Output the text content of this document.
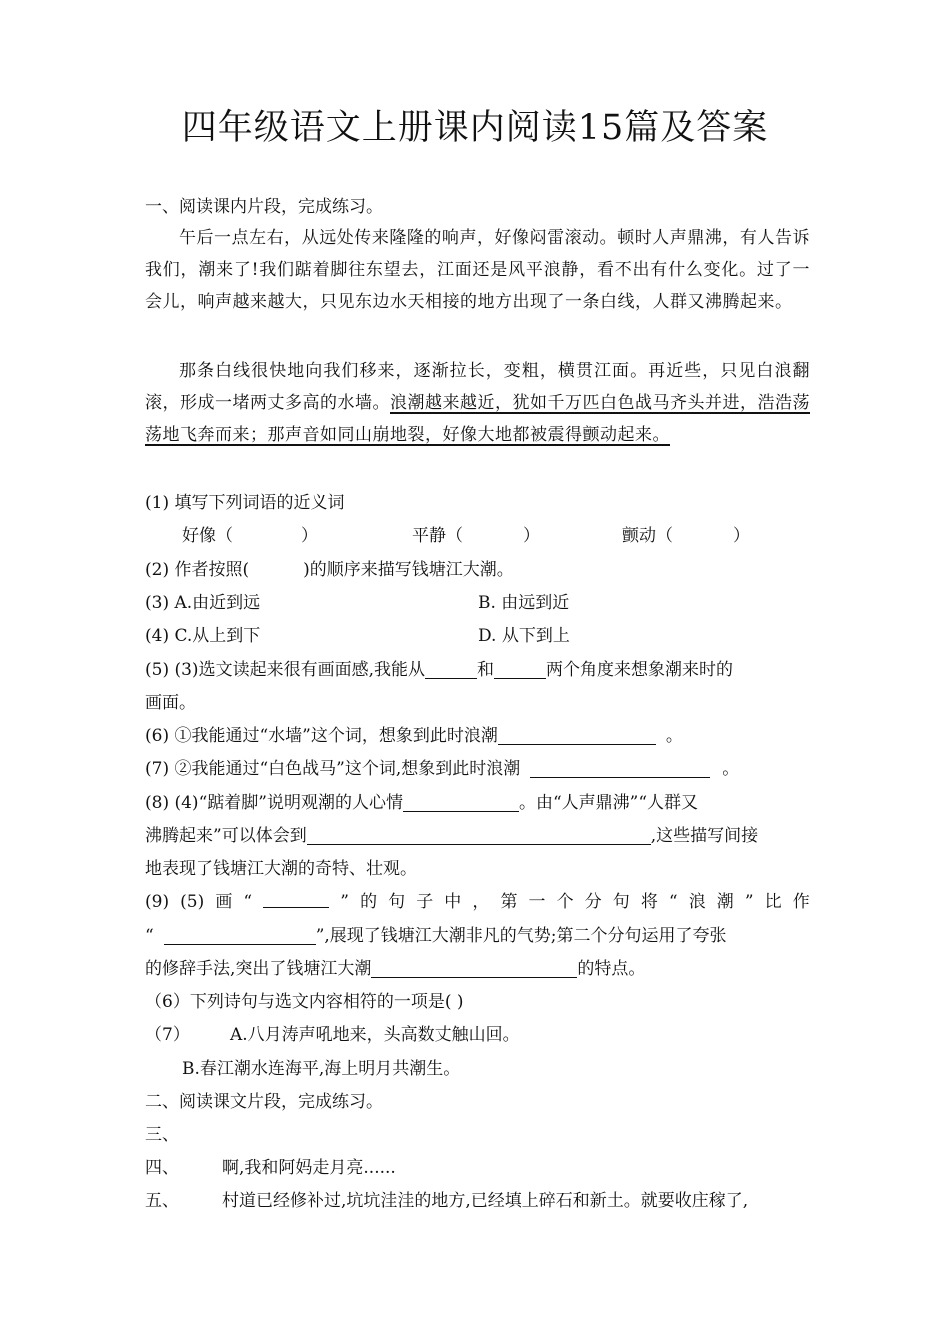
四年级语文上册课内阅读15篇及答案
一、阅读课内片段，完成练习。
午后一点左右，从远处传来隆隆的响声，好像闷雷滚动。顿时人声鼎沸，有人告诉我们，潮来了!我们踮着脚往东望去，江面还是风平浪静，看不出有什么变化。过了一会儿，响声越来越大，只见东边水天相接的地方出现了一条白线，人群又沸腾起来。
那条白线很快地向我们移来，逐渐拉长，变粗，横贯江面。再近些，只见白浪翻滚，形成一堵两丈多高的水墙。浪潮越来越近，犹如千万匹白色战马齐头并进，浩浩荡荡地飞奔而来；那声音如同山崩地裂，好像大地都被震得颤动起来。
(1) 填写下列词语的近义词
好像（	）	平静（	）	颤动（	）
(2) 作者按照(	)的顺序来描写钱塘江大潮。
(3) A.由近到远	B. 由远到近
(4) C.从上到下	D. 从下到上
(5) (3)选文读起来很有画面感,我能从	和	两个角度来想象潮来时的
画面。
(6) ①我能通过“水墙”这个词，想象到此时浪潮	。
(7) ②我能通过“白色战马”这个词,想象到此时浪潮	。
(8) (4)“踮着脚”说明观潮的人心情	。由“人声鼎沸”“人群又
沸腾起来”可以体会到	,这些描写间接
地表现了钱塘江大潮的奇特、壮观。
(9) (5) 画 “	” 的 句 子 中 ， 第 一 个 分 句 将 “ 浪 潮 ” 比 作
“	”,展现了钱塘江大潮非凡的气势;第二个分句运用了夸张
的修辞手法,突出了钱塘江大潮	的特点。
（6）下列诗句与选文内容相符的一项是( )
（7） A.八月涛声吼地来，头高数丈触山回。
B.春江潮水连海平,海上明月共潮生。
二、阅读课文片段，完成练习。
三、
四、	啊,我和阿妈走月亮......
五、	村道已经修补过,坑坑洼洼的地方,已经填上碎石和新土。就要收庄稼了,
